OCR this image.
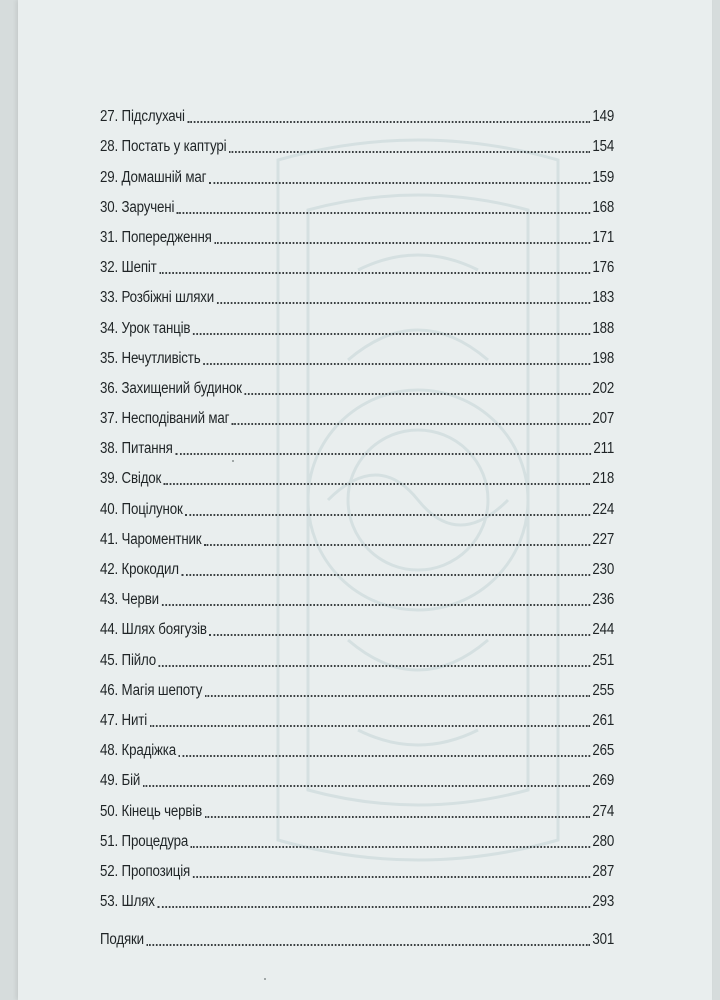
27. Підслухачі	149
28. Постать у каптурі	154
29. Домашній маг	159
30. Заручені	168
31. Попередження	171
32. Шепіт	176
33. Розбіжні шляхи	183
34. Урок танців	188
35. Нечутливість	198
36. Захищений будинок	202
37. Несподіваний маг	207
38. Питання	211
39. Свідок	218
40. Поцілунок	224
41. Чароментник	227
42. Крокодил	230
43. Черви	236
44. Шлях боягузів	244
45. Пійло	251
46. Магія шепоту	255
47. Нитi	261
48. Крадіжка	265
49. Бій	269
50. Кінець червів	274
51. Процедура	280
52. Пропозиція	287
53. Шлях	293
Подяки	301
